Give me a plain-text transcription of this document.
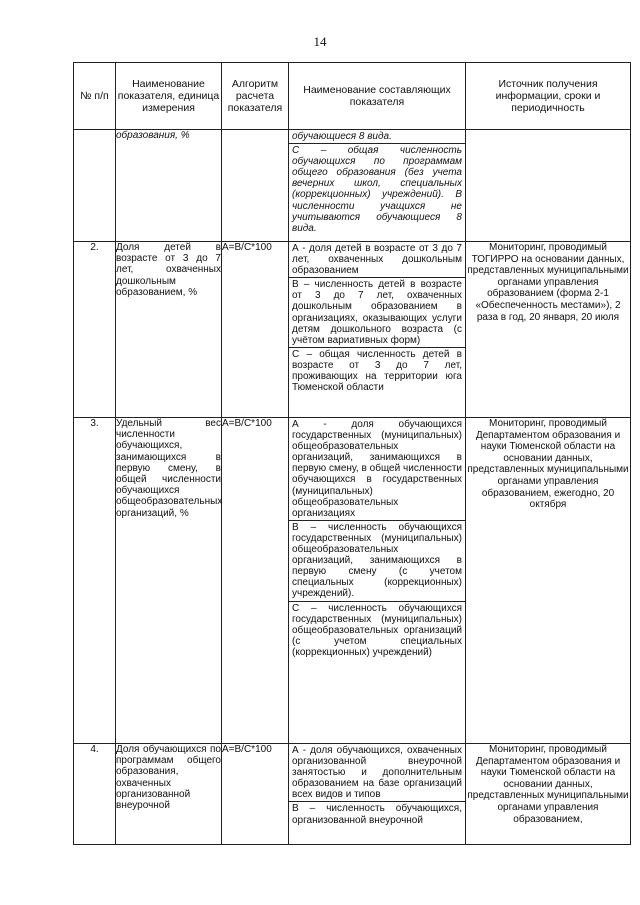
14
№ п/п	Наименование показателя, единица измерения	Алгоритм расчета показателя	Наименование составляющих показателя	Источник получения информации, сроки и периодичность
	образования, %		обучающиеся 8 вида.
С – общая численность обучающихся по программам общего образования (без учета вечерних школ, специальных (коррекционных) учреждений). В численности учащихся не учитываются обучающиеся 8 вида.	

2.	Доля детей в возрасте от 3 до 7 лет, охваченных дошкольным образованием, %	А=В/С*100	А - доля детей в возрасте от 3 до 7 лет, охваченных дошкольным образованием
В – численность детей в возрасте от 3 до 7 лет, охваченных дошкольным образованием в организациях, оказывающих услуги детям дошкольного возраста (с учётом вариативных форм)
С – общая численность детей в возрасте от 3 до 7 лет, проживающих на территории юга Тюменской области	Мониторинг, проводимый ТОГИРРО на основании данных, представленных муниципальными органами управления образованием (форма 2-1 «Обеспеченность местами»), 2 раза в год, 20 января, 20 июля
3.	Удельный вес численности обучающихся, занимающихся в первую смену, в общей численности обучающихся общеобразовательных организаций, %	А=В/С*100	А - доля обучающихся государственных (муниципальных) общеобразовательных организаций, занимающихся в первую смену, в общей численности обучающихся в государственных (муниципальных) общеобразовательных организациях
В – численность обучающихся государственных (муниципальных) общеобразовательных организаций, занимающихся в первую смену (с учетом специальных (коррекционных) учреждений).
С – численность обучающихся государственных (муниципальных) общеобразовательных организаций (с учетом специальных (коррекционных) учреждений)	Мониторинг, проводимый Департаментом образования и науки Тюменской области на основании данных, представленных муниципальными органами управления образованием, ежегодно, 20 октября
4.	Доля обучающихся по программам общего образования, охваченных организованной внеурочной	А=В/С*100	А - доля обучающихся, охваченных организованной внеурочной занятостью и дополнительным образованием на базе организаций всех видов и типов
В – численность обучающихся, организованной внеурочной	Мониторинг, проводимый Департаментом образования и науки Тюменской области на основании данных, представленных муниципальными органами управления образованием,
